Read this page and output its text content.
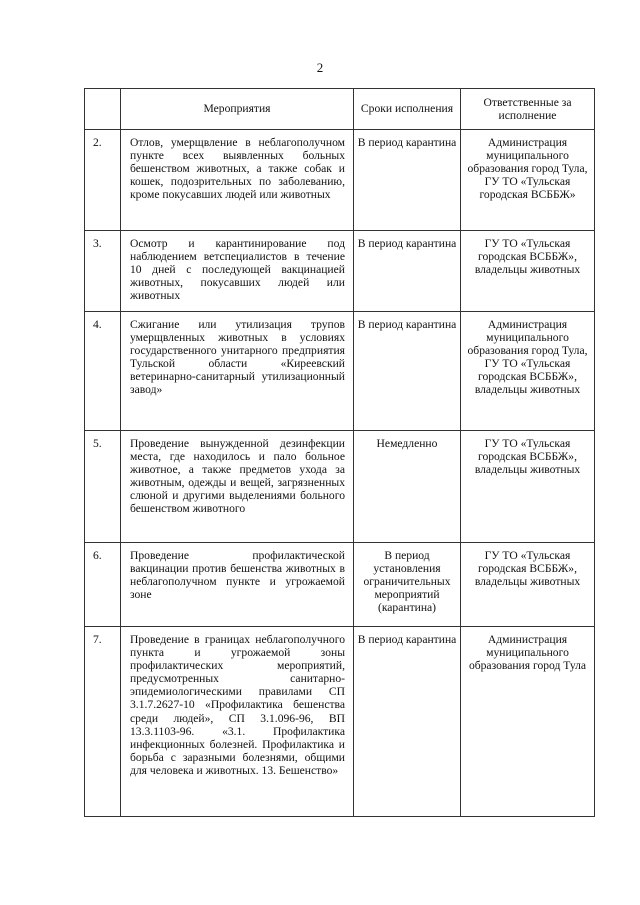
2
	Мероприятия	Сроки исполнения	Ответственные за исполнение
2.	Отлов, умерщвление в неблагополучном пункте всех выявленных больных бешенством животных, а также собак и кошек, подозрительных по заболеванию, кроме покусавших людей или животных	В период карантина	Администрация муниципального образования город Тула, ГУ ТО «Тульская городская ВСББЖ»
3.	Осмотр и карантинирование под наблюдением ветспециалистов в течение 10 дней с последующей вакцинацией животных, покусавших людей или животных	В период карантина	ГУ ТО «Тульская городская ВСББЖ», владельцы животных
4.	Сжигание или утилизация трупов умерщвленных животных в условиях государственного унитарного предприятия Тульской области «Киреевский ветеринарно-санитарный утилизационный завод»	В период карантина	Администрация муниципального образования город Тула, ГУ ТО «Тульская городская ВСББЖ», владельцы животных
5.	Проведение вынужденной дезинфекции места, где находилось и пало больное животное, а также предметов ухода за животным, одежды и вещей, загрязненных слюной и другими выделениями больного бешенством животного	Немедленно	ГУ ТО «Тульская городская ВСББЖ», владельцы животных
6.	Проведение профилактической вакцинации против бешенства животных в неблагополучном пункте и угрожаемой зоне	В период установления ограничительных мероприятий (карантина)	ГУ ТО «Тульская городская ВСББЖ», владельцы животных
7.	Проведение в границах неблагополучного пункта и угрожаемой зоны профилактических мероприятий, предусмотренных санитарно-эпидемиологическими правилами СП 3.1.7.2627-10 «Профилактика бешенства среди людей», СП 3.1.096-96, ВП 13.3.1103-96. «3.1. Профилактика инфекционных болезней. Профилактика и борьба с заразными болезнями, общими для человека и животных. 13. Бешенство»	В период карантина	Администрация муниципального образования город Тула
